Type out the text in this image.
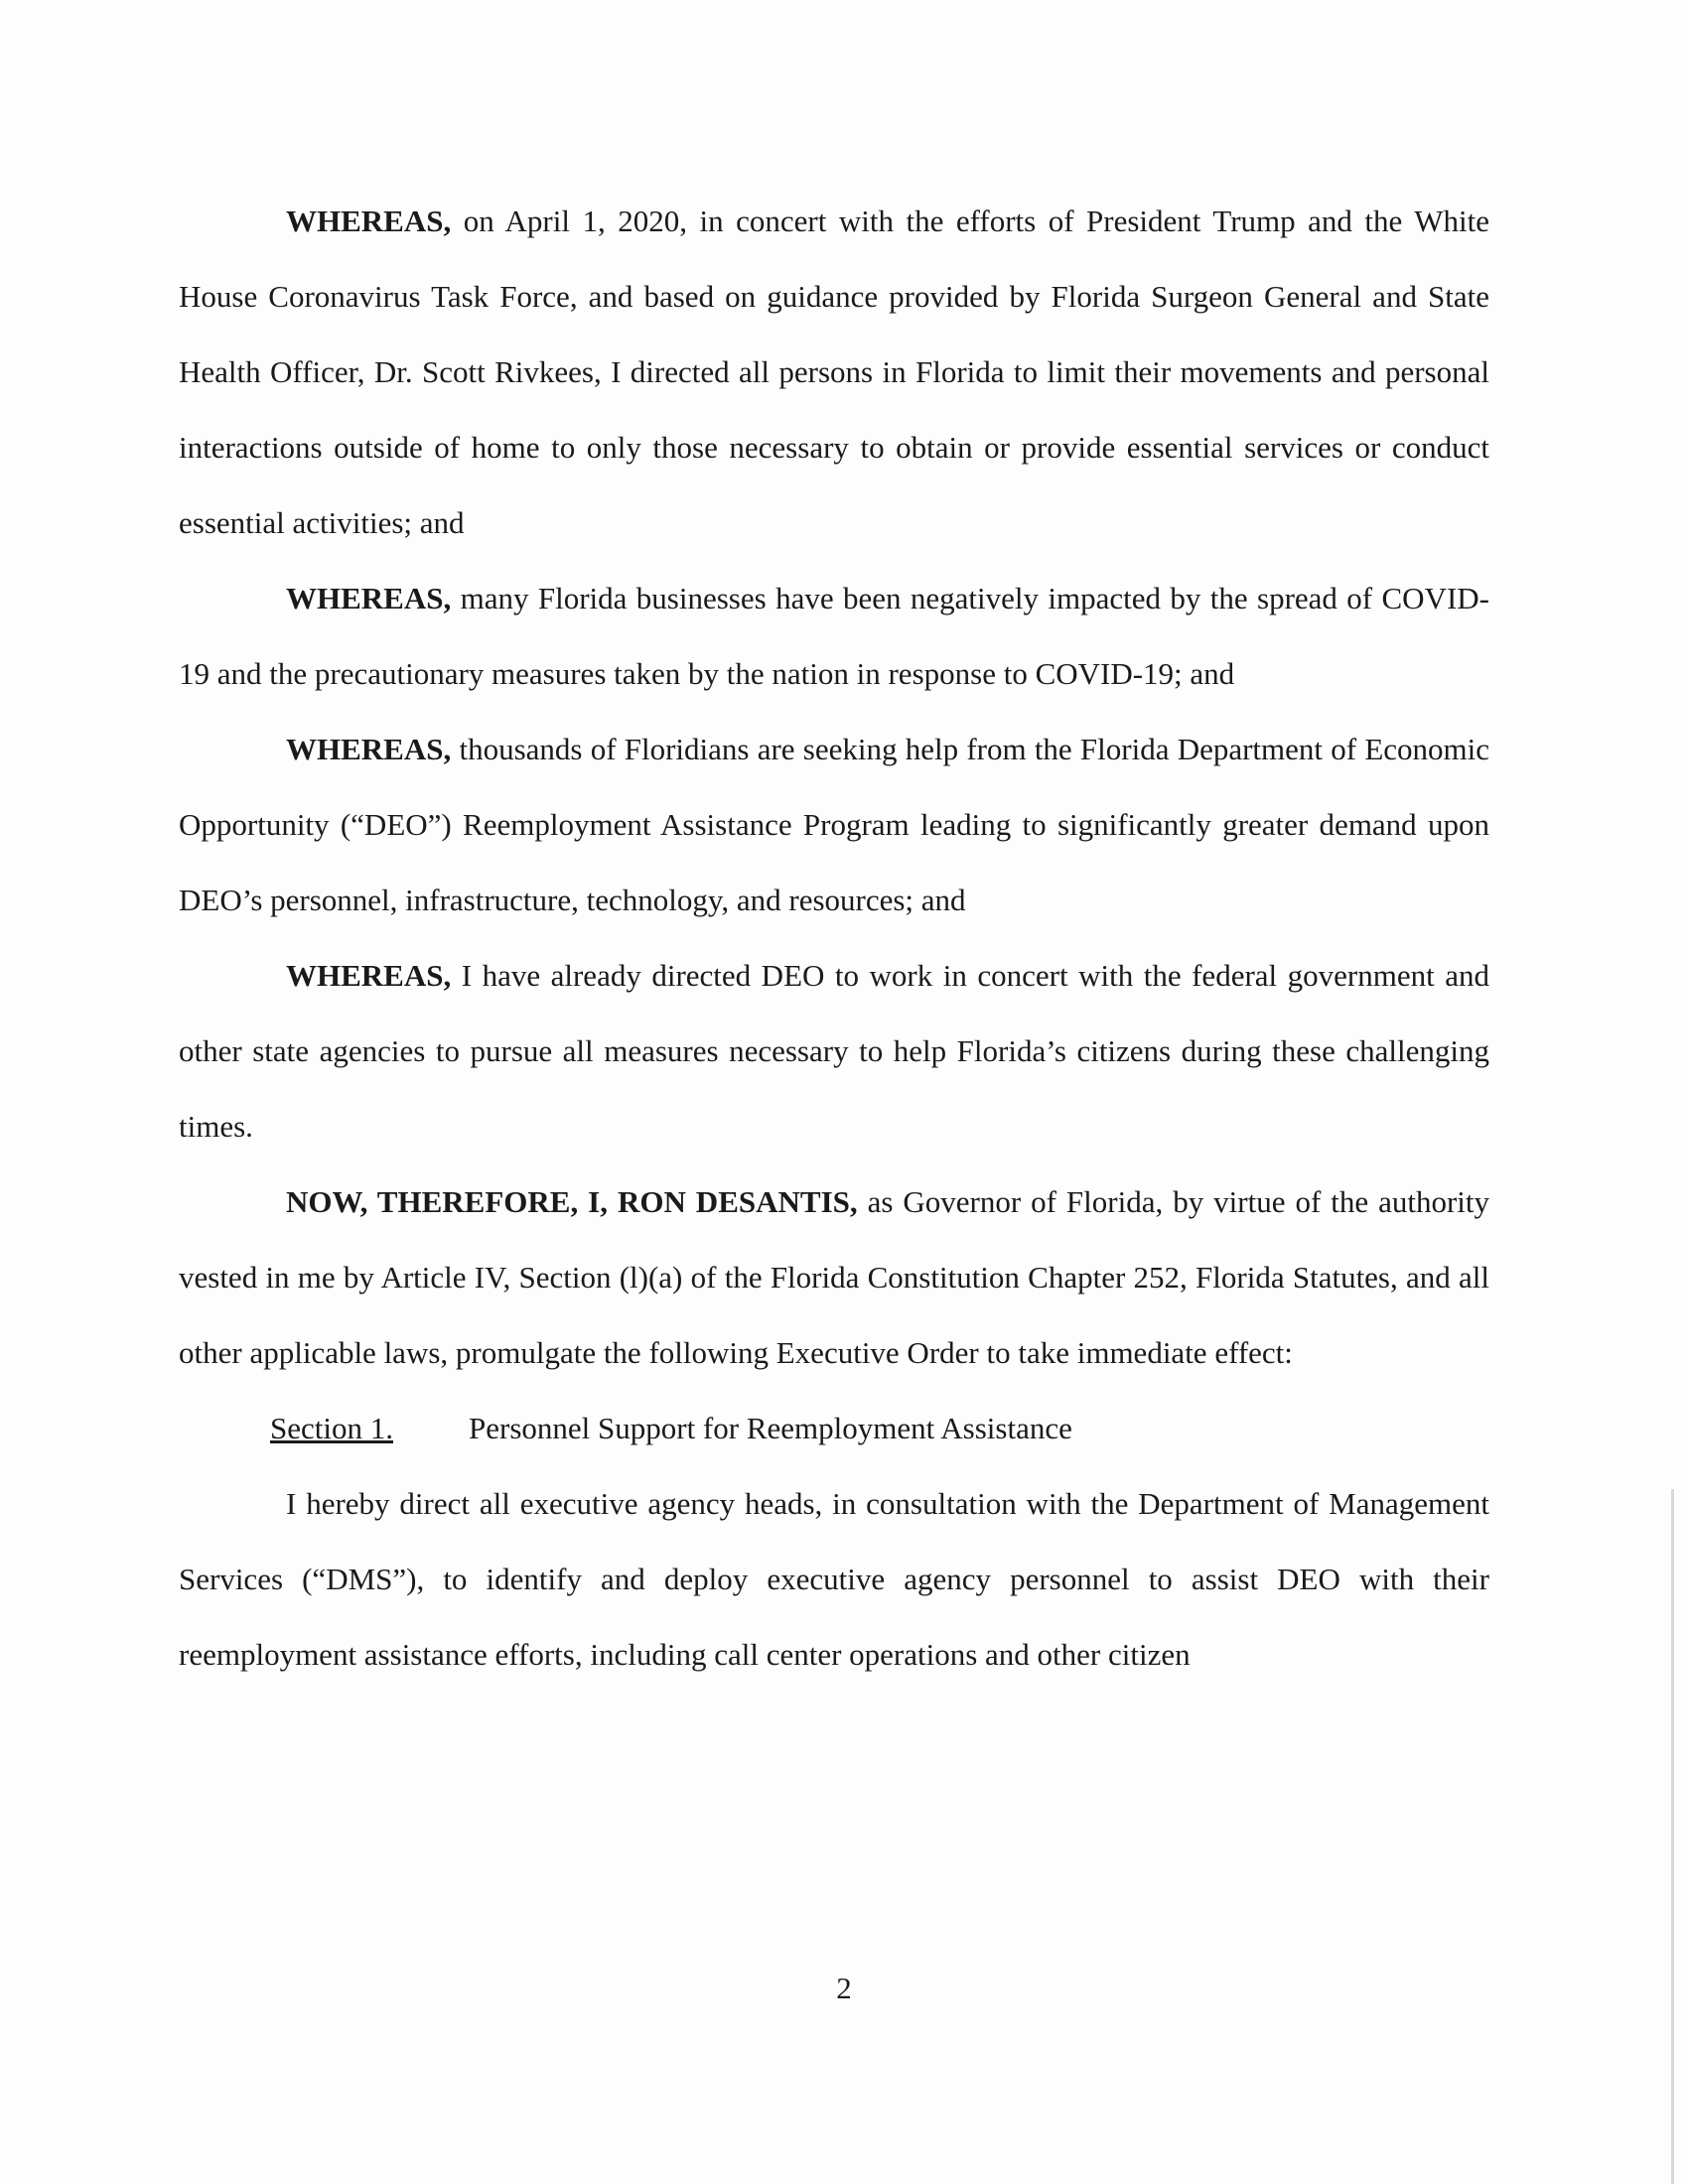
WHEREAS, on April 1, 2020, in concert with the efforts of President Trump and the White House Coronavirus Task Force, and based on guidance provided by Florida Surgeon General and State Health Officer, Dr. Scott Rivkees, I directed all persons in Florida to limit their movements and personal interactions outside of home to only those necessary to obtain or provide essential services or conduct essential activities; and

WHEREAS, many Florida businesses have been negatively impacted by the spread of COVID-19 and the precautionary measures taken by the nation in response to COVID-19; and

WHEREAS, thousands of Floridians are seeking help from the Florida Department of Economic Opportunity (“DEO”) Reemployment Assistance Program leading to significantly greater demand upon DEO’s personnel, infrastructure, technology, and resources; and

WHEREAS, I have already directed DEO to work in concert with the federal government and other state agencies to pursue all measures necessary to help Florida’s citizens during these challenging times.

NOW, THEREFORE, I, RON DESANTIS, as Governor of Florida, by virtue of the authority vested in me by Article IV, Section (l)(a) of the Florida Constitution Chapter 252, Florida Statutes, and all other applicable laws, promulgate the following Executive Order to take immediate effect:

Section 1. Personnel Support for Reemployment Assistance

I hereby direct all executive agency heads, in consultation with the Department of Management Services (“DMS”), to identify and deploy executive agency personnel to assist DEO with their reemployment assistance efforts, including call center operations and other citizen

2
